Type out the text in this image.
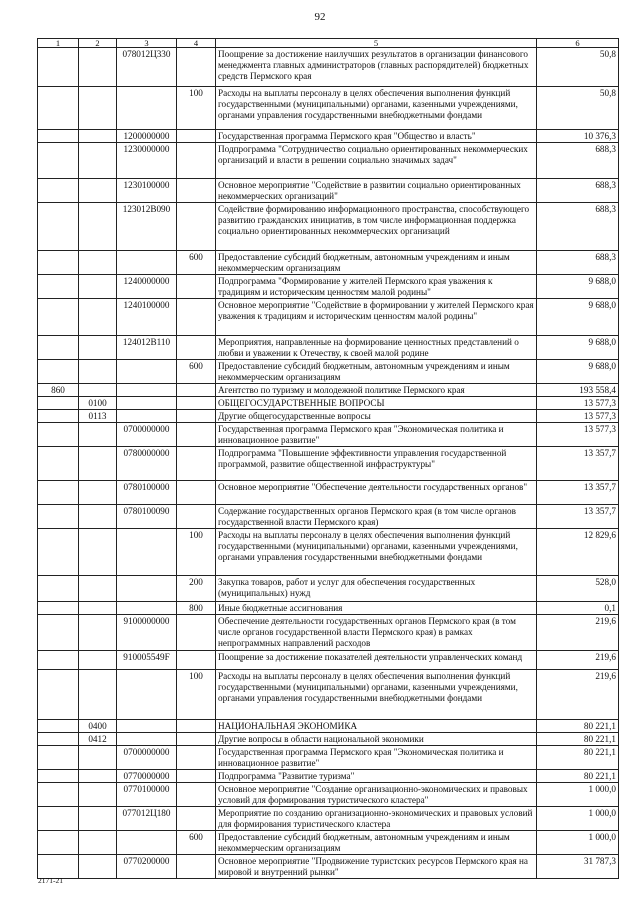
92
1	2	3	4	5	6
		078012Ц330		Поощрение за достижение наилучших результатов в организации финансового менеджмента главных администраторов (главных распорядителей) бюджетных средств Пермского края	50,8
			100	Расходы на выплаты персоналу в целях обеспечения выполнения функций государственными (муниципальными) органами, казенными учреждениями, органами управления государственными внебюджетными фондами	50,8
		1200000000		Государственная программа Пермского края "Общество и власть"	10 376,3
		1230000000		Подпрограмма "Сотрудничество социально ориентированных некоммерческих организаций и власти в решении социально значимых задач"	688,3
		1230100000		Основное мероприятие "Содействие в развитии социально ориентированных некоммерческих организаций"	688,3
		123012В090		Содействие формированию информационного пространства, способствующего развитию гражданских инициатив, в том числе информационная поддержка социально ориентированных некоммерческих организаций	688,3
			600	Предоставление субсидий бюджетным, автономным учреждениям и иным некоммерческим организациям	688,3
		1240000000		Подпрограмма "Формирование у жителей Пермского края уважения к традициям и историческим ценностям малой родины"	9 688,0
		1240100000		Основное мероприятие "Содействие в формировании у жителей Пермского края уважения к традициям и историческим ценностям малой родины"	9 688,0
		124012В110		Мероприятия, направленные на формирование ценностных представлений о любви и уважении к Отечеству, к своей малой родине	9 688,0
			600	Предоставление субсидий бюджетным, автономным учреждениям и иным некоммерческим организациям	9 688,0
860				Агентство по туризму и молодежной политике Пермского края	193 558,4
	0100			ОБЩЕГОСУДАРСТВЕННЫЕ ВОПРОСЫ	13 577,3
	0113			Другие общегосударственные вопросы	13 577,3
		0700000000		Государственная программа Пермского края "Экономическая политика и инновационное развитие"	13 577,3
		0780000000		Подпрограмма "Повышение эффективности управления государственной программой, развитие общественной инфраструктуры"	13 357,7
		0780100000		Основное мероприятие "Обеспечение деятельности государственных органов"	13 357,7
		0780100090		Содержание государственных органов Пермского края (в том числе органов государственной власти Пермского края)	13 357,7
			100	Расходы на выплаты персоналу в целях обеспечения выполнения функций государственными (муниципальными) органами, казенными учреждениями, органами управления государственными внебюджетными фондами	12 829,6
			200	Закупка товаров, работ и услуг для обеспечения государственных (муниципальных) нужд	528,0
			800	Иные бюджетные ассигнования	0,1
		9100000000		Обеспечение деятельности государственных органов Пермского края (в том числе органов государственной власти Пермского края) в рамках непрограммных направлений расходов	219,6
		910005549F		Поощрение за достижение показателей деятельности управленческих команд	219,6
			100	Расходы на выплаты персоналу в целях обеспечения выполнения функций государственными (муниципальными) органами, казенными учреждениями, органами управления государственными внебюджетными фондами	219,6
	0400			НАЦИОНАЛЬНАЯ ЭКОНОМИКА	80 221,1
	0412			Другие вопросы в области национальной экономики	80 221,1
		0700000000		Государственная программа Пермского края "Экономическая политика и инновационное развитие"	80 221,1
		0770000000		Подпрограмма "Развитие туризма"	80 221,1
		0770100000		Основное мероприятие "Создание организационно-экономических и правовых условий для формирования туристического кластера"	1 000,0
		077012Ц180		Мероприятие по созданию организационно-экономических и правовых условий для формирования туристического кластера	1 000,0
			600	Предоставление субсидий бюджетным, автономным учреждениям и иным некоммерческим организациям	1 000,0
		0770200000		Основное мероприятие "Продвижение туристских ресурсов Пермского края на мировой и внутренний рынки"	31 787,3
2171-21
